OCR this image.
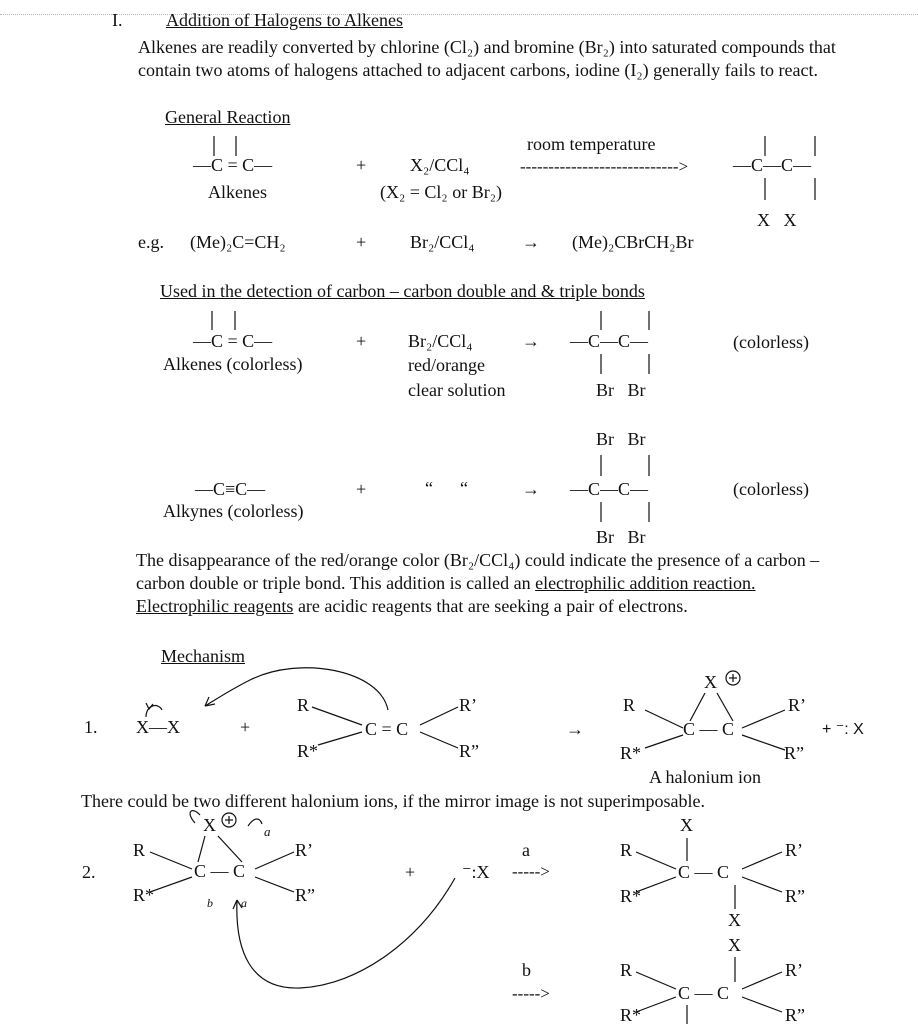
I. Addition of Halogens to Alkenes
Alkenes are readily converted by chlorine (Cl₂) and bromine (Br₂) into saturated compounds that contain two atoms of halogens attached to adjacent carbons, iodine (I₂) generally fails to react.
General Reaction
—C = C—
Alkenes
+ X₂/CCl₄
(X₂ = Cl₂ or Br₂)
room temperature
----------------------------> —C—C—
X   X
e.g. (Me)₂C=CH₂	+ Br₂/CCl₄	→ (Me)₂CBrCH₂Br
Used in the detection of carbon – carbon double and & triple bonds
—C = C—
Alkenes (colorless)
+ Br₂/CCl₄
red/orange
clear solution
→ —C—C—
Br   Br
(colorless)
Br   Br
—C≡C—
Alkynes (colorless)
+	“      “	→ —C—C—	(colorless)
Br   Br
The disappearance of the red/orange color (Br₂/CCl₄) could indicate the presence of a carbon – carbon double or triple bond. This addition is called an electrophilic addition reaction. Electrophilic reagents are acidic reagents that are seeking a pair of electrons.
Mechanism
1. X—X	+
R	R’
R*	R”
C = C	→
X
R	R’
C — C
R*	R”
+ ⁻: X
A halonium ion
There could be two different halonium ions, if the mirror image is not superimposable.
2.
X
R	R’
C — C
R*	R”
+	⁻:X
a
----->
b
----->
X
R	R’
C — C
R*	R”
X
X
R	R’
C — C
R*	R”
a
b a
